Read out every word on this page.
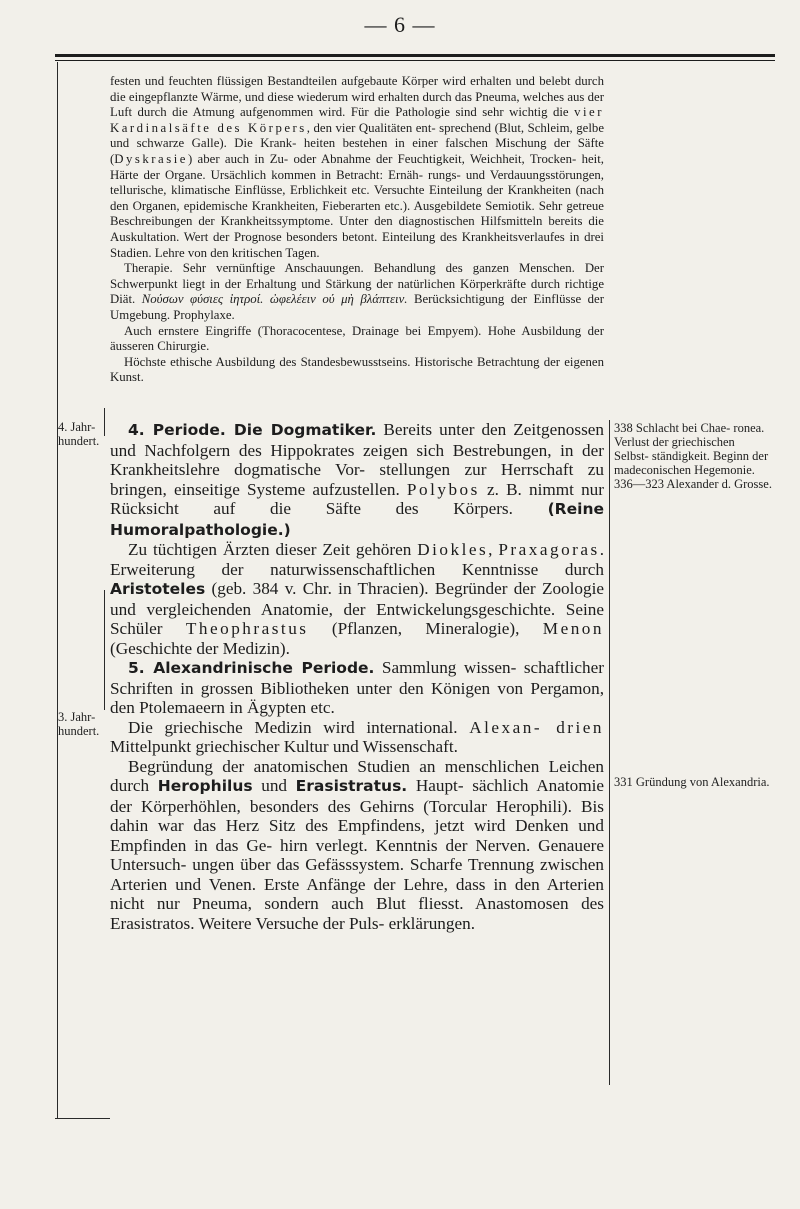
— 6 —
4. Jahr- hundert.
3. Jahr- hundert.
338 Schlacht bei Chae- ronea. Verlust der griechischen Selbst- ständigkeit. Beginn der madeconischen Hegemonie.
336—323 Alexander d. Grosse.
331 Gründung von Alexandria.

festen und feuchten flüssigen Bestandteilen aufgebaute Körper wird erhalten und belebt durch die eingepflanzte Wärme, und diese wiederum wird erhalten durch das Pneuma, welches aus der Luft durch die Atmung aufgenommen wird. Für die Pathologie sind sehr wichtig die vier Kardinalsäfte des Körpers, den vier Qualitäten ent- sprechend (Blut, Schleim, gelbe und schwarze Galle). Die Krank- heiten bestehen in einer falschen Mischung der Säfte (Dyskrasie) aber auch in Zu- oder Abnahme der Feuchtigkeit, Weichheit, Trocken- heit, Härte der Organe. Ursächlich kommen in Betracht: Ernäh- rungs- und Verdauungsstörungen, tellurische, klimatische Einflüsse, Erblichkeit etc. Versuchte Einteilung der Krankheiten (nach den Organen, epidemische Krankheiten, Fieberarten etc.). Ausgebildete Semiotik. Sehr getreue Beschreibungen der Krankheitssymptome. Unter den diagnostischen Hilfsmitteln bereits die Auskultation. Wert der Prognose besonders betont. Einteilung des Krankheitsverlaufes in drei Stadien. Lehre von den kritischen Tagen.

Therapie. Sehr vernünftige Anschauungen. Behandlung des ganzen Menschen. Der Schwerpunkt liegt in der Erhaltung und Stärkung der natürlichen Körperkräfte durch richtige Diät. Νούσων φύσιες ἰητροί. ὠφελέειν ού μὴ βλάπτειν. Berücksichtigung der Einflüsse der Umgebung. Prophylaxe.

Auch ernstere Eingriffe (Thoracocentese, Drainage bei Empyem). Hohe Ausbildung der äusseren Chirurgie.

Höchste ethische Ausbildung des Standesbewusstseins. Historische Betrachtung der eigenen Kunst.

4. Periode. Die Dogmatiker. Bereits unter den Zeitgenossen und Nachfolgern des Hippokrates zeigen sich Bestrebungen, in der Krankheitslehre dogmatische Vor- stellungen zur Herrschaft zu bringen, einseitige Systeme aufzustellen. Polybos z. B. nimmt nur Rücksicht auf die Säfte des Körpers. (Reine Humoralpathologie.)

Zu tüchtigen Ärzten dieser Zeit gehören Diokles, Praxagoras. Erweiterung der naturwissenschaftlichen Kenntnisse durch Aristoteles (geb. 384 v. Chr. in Thracien). Begründer der Zoologie und vergleichenden Anatomie, der Entwickelungsgeschichte. Seine Schüler Theophrastus (Pflanzen, Mineralogie), Menon (Geschichte der Medizin).

5. Alexandrinische Periode. Sammlung wissen- schaftlicher Schriften in grossen Bibliotheken unter den Königen von Pergamon, den Ptolemaeern in Ägypten etc.

Die griechische Medizin wird international. Alexan- drien Mittelpunkt griechischer Kultur und Wissenschaft.

Begründung der anatomischen Studien an menschlichen Leichen durch Herophilus und Erasistratus. Haupt- sächlich Anatomie der Körperhöhlen, besonders des Gehirns (Torcular Herophili). Bis dahin war das Herz Sitz des Empfindens, jetzt wird Denken und Empfinden in das Ge- hirn verlegt. Kenntnis der Nerven. Genauere Untersuch- ungen über das Gefässsystem. Scharfe Trennung zwischen Arterien und Venen. Erste Anfänge der Lehre, dass in den Arterien nicht nur Pneuma, sondern auch Blut fliesst. Anastomosen des Erasistratos. Weitere Versuche der Puls- erklärungen.
